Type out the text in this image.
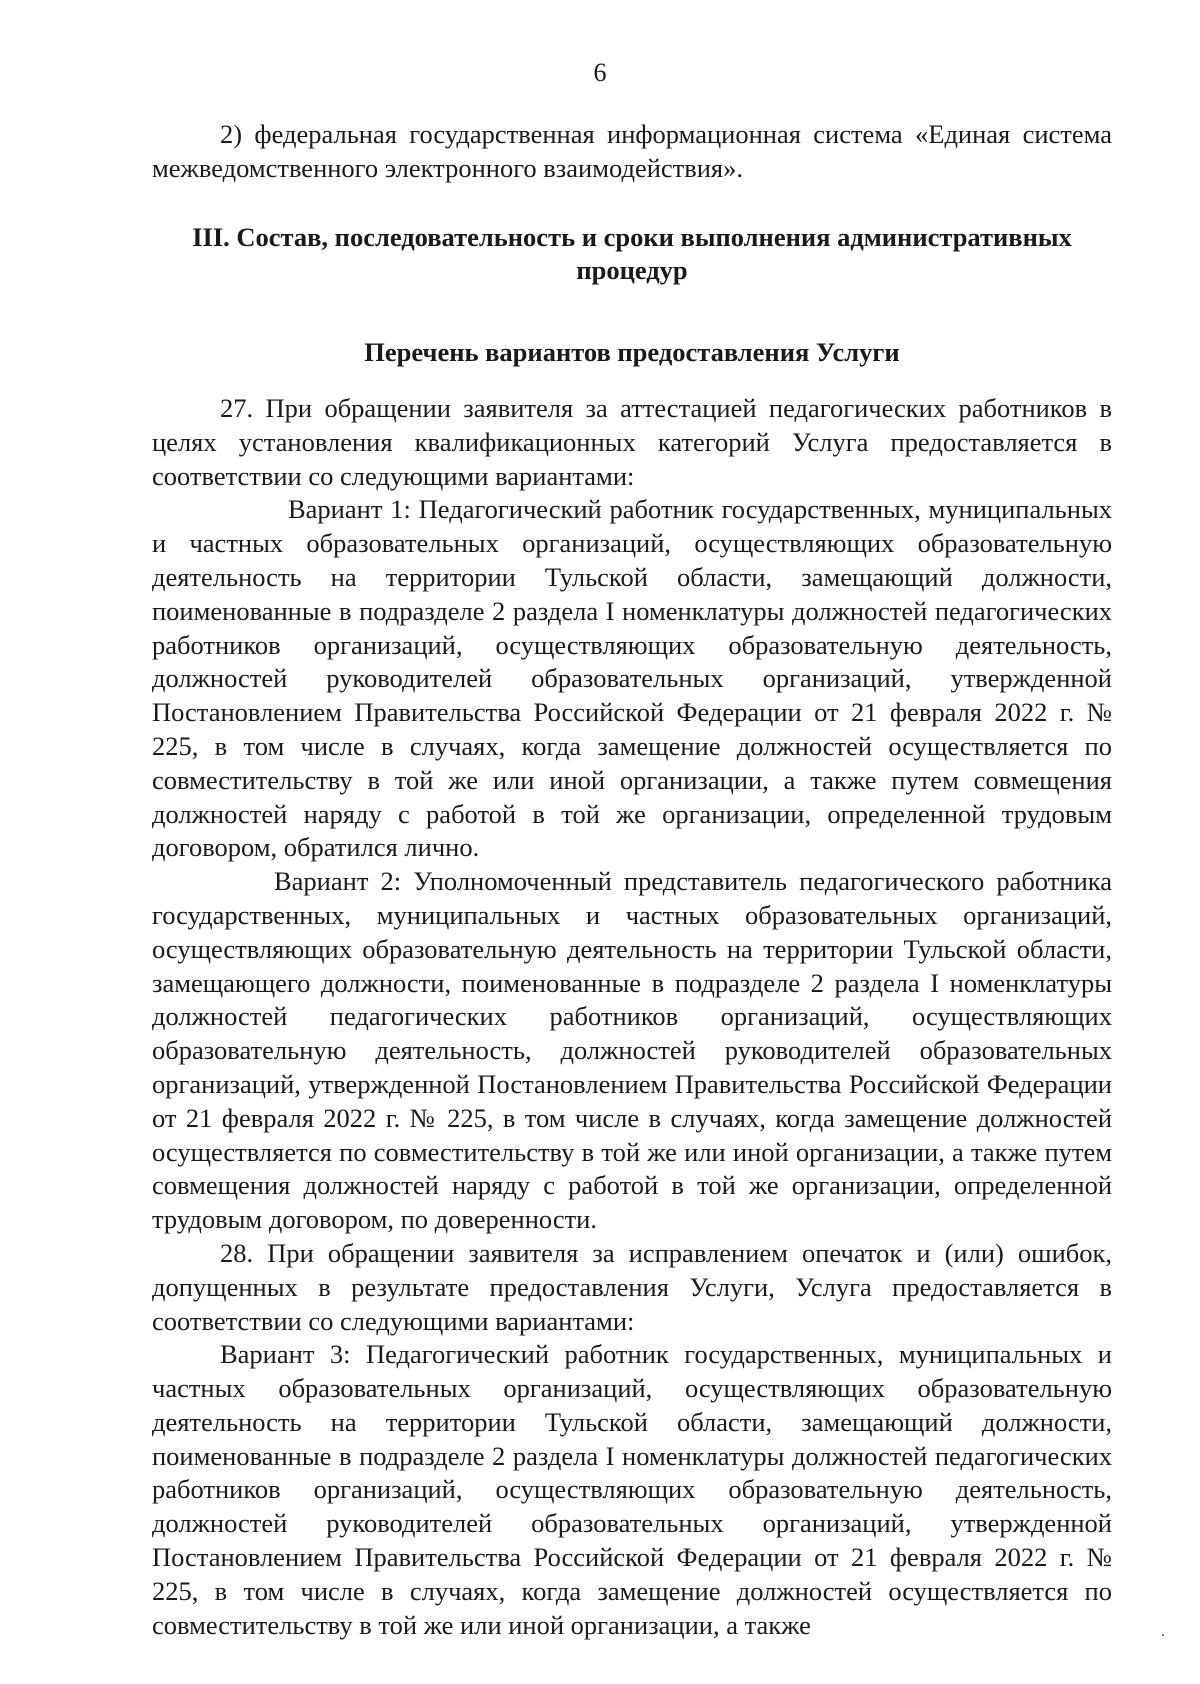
6

2) федеральная государственная информационная система «Единая система межведомственного электронного взаимодействия».

III. Состав, последовательность и сроки выполнения административных процедур
Перечень вариантов предоставления Услуги

27. При обращении заявителя за аттестацией педагогических работников в целях установления квалификационных категорий Услуга предоставляется в соответствии со следующими вариантами:

Вариант 1: Педагогический работник государственных, муниципальных и частных образовательных организаций, осуществляющих образовательную деятельность на территории Тульской области, замещающий должности, поименованные в подразделе 2 раздела I номенклатуры должностей педагогических работников организаций, осуществляющих образовательную деятельность, должностей руководителей образовательных организаций, утвержденной Постановлением Правительства Российской Федерации от 21 февраля 2022 г. № 225, в том числе в случаях, когда замещение должностей осуществляется по совместительству в той же или иной организации, а также путем совмещения должностей наряду с работой в той же организации, определенной трудовым договором, обратился лично.

Вариант 2: Уполномоченный представитель педагогического работника государственных, муниципальных и частных образовательных организаций, осуществляющих образовательную деятельность на территории Тульской области, замещающего должности, поименованные в подразделе 2 раздела I номенклатуры должностей педагогических работников организаций, осуществляющих образовательную деятельность, должностей руководителей образовательных организаций, утвержденной Постановлением Правительства Российской Федерации от 21 февраля 2022 г. № 225, в том числе в случаях, когда замещение должностей осуществляется по совместительству в той же или иной организации, а также путем совмещения должностей наряду с работой в той же организации, определенной трудовым договором, по доверенности.

28. При обращении заявителя за исправлением опечаток и (или) ошибок, допущенных в результате предоставления Услуги, Услуга предоставляется в соответствии со следующими вариантами:

Вариант 3: Педагогический работник государственных, муниципальных и частных образовательных организаций, осуществляющих образовательную деятельность на территории Тульской области, замещающий должности, поименованные в подразделе 2 раздела I номенклатуры должностей педагогических работников организаций, осуществляющих образовательную деятельность, должностей руководителей образовательных организаций, утвержденной Постановлением Правительства Российской Федерации от 21 февраля 2022 г. № 225, в том числе в случаях, когда замещение должностей осуществляется по совместительству в той же или иной организации, а также
